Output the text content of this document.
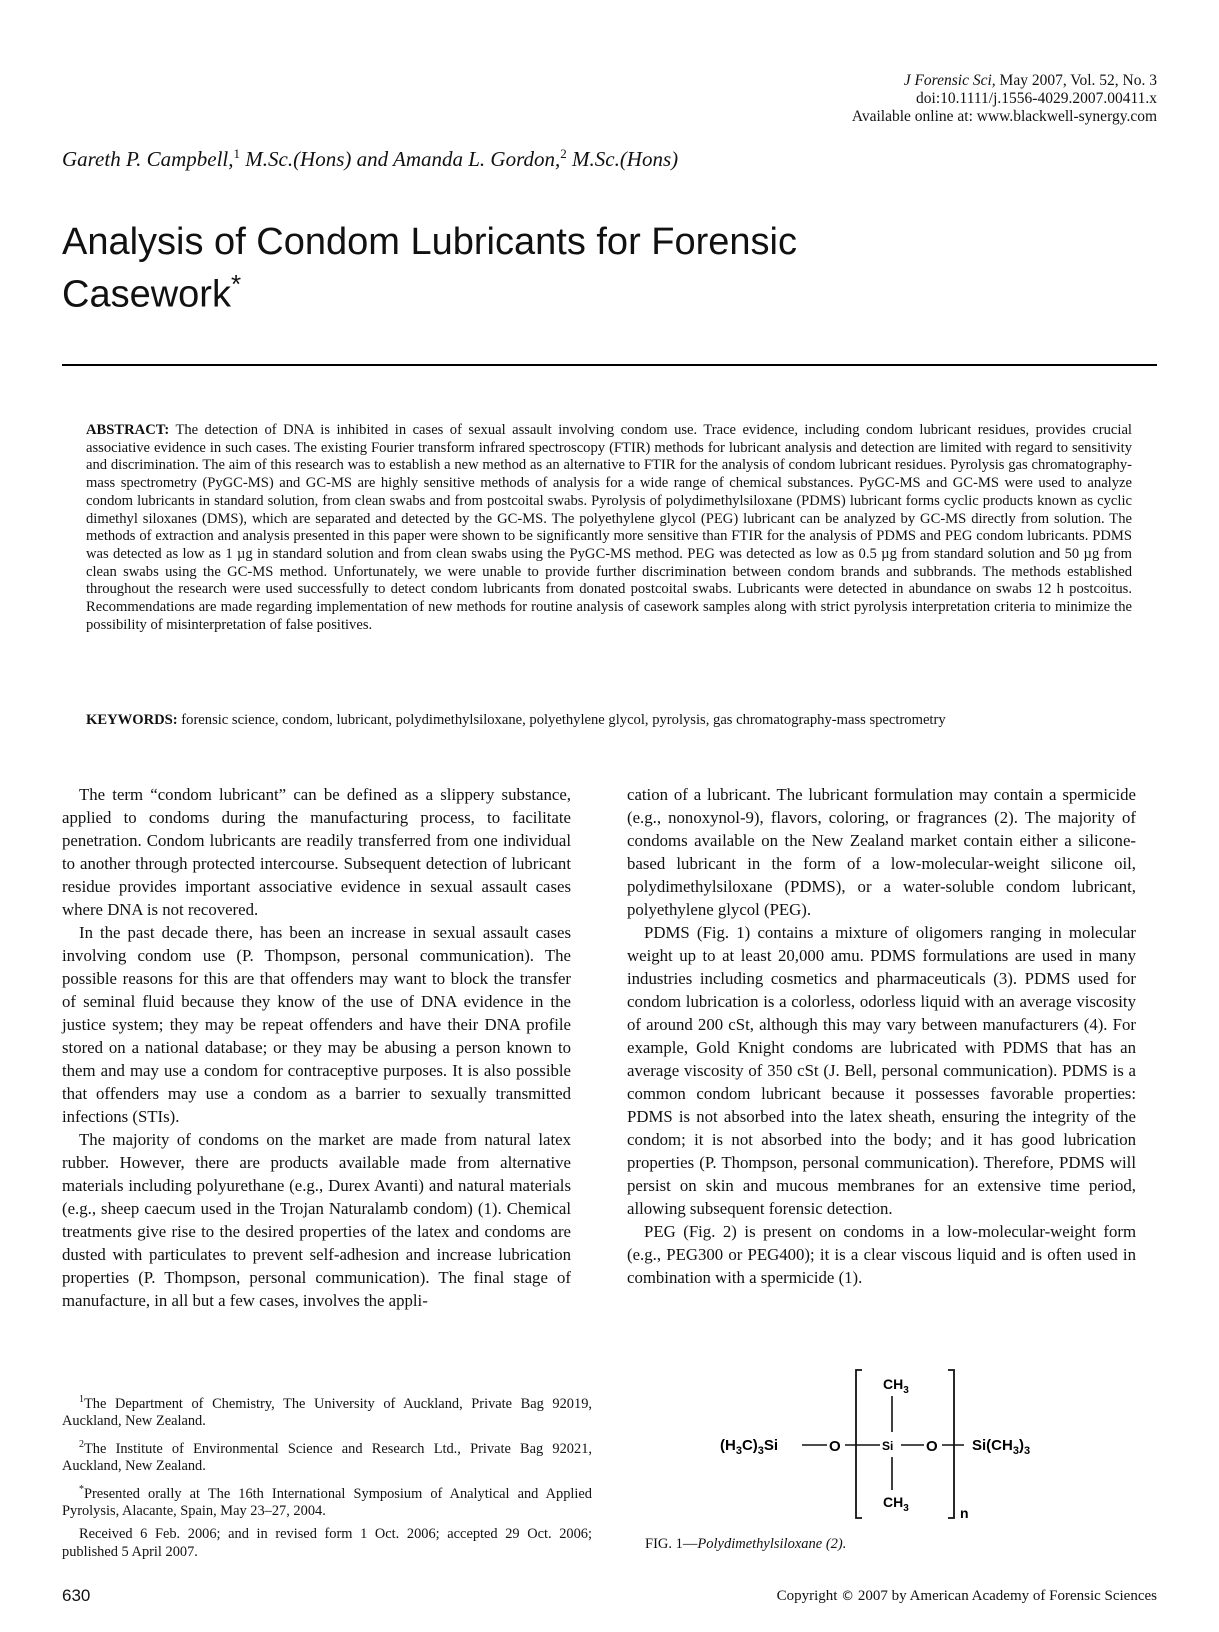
J Forensic Sci, May 2007, Vol. 52, No. 3
doi:10.1111/j.1556-4029.2007.00411.x
Available online at: www.blackwell-synergy.com
Gareth P. Campbell,$^1$ M.Sc.(Hons) and Amanda L. Gordon,$^2$ M.Sc.(Hons)
Analysis of Condom Lubricants for Forensic Casework*
ABSTRACT: The detection of DNA is inhibited in cases of sexual assault involving condom use. Trace evidence, including condom lubricant residues, provides crucial associative evidence in such cases. The existing Fourier transform infrared spectroscopy (FTIR) methods for lubricant analysis and detection are limited with regard to sensitivity and discrimination. The aim of this research was to establish a new method as an alternative to FTIR for the analysis of condom lubricant residues. Pyrolysis gas chromatography-mass spectrometry (PyGC-MS) and GC-MS are highly sensitive methods of analysis for a wide range of chemical substances. PyGC-MS and GC-MS were used to analyze condom lubricants in standard solution, from clean swabs and from postcoital swabs. Pyrolysis of polydimethylsiloxane (PDMS) lubricant forms cyclic products known as cyclic dimethyl siloxanes (DMS), which are separated and detected by the GC-MS. The polyethylene glycol (PEG) lubricant can be analyzed by GC-MS directly from solution. The methods of extraction and analysis presented in this paper were shown to be significantly more sensitive than FTIR for the analysis of PDMS and PEG condom lubricants. PDMS was detected as low as 1 µg in standard solution and from clean swabs using the PyGC-MS method. PEG was detected as low as 0.5 µg from standard solution and 50 µg from clean swabs using the GC-MS method. Unfortunately, we were unable to provide further discrimination between condom brands and subbrands. The methods established throughout the research were used successfully to detect condom lubricants from donated postcoital swabs. Lubricants were detected in abundance on swabs 12 h postcoitus. Recommendations are made regarding implementation of new methods for routine analysis of casework samples along with strict pyrolysis interpretation criteria to minimize the possibility of misinterpretation of false positives.
KEYWORDS: forensic science, condom, lubricant, polydimethylsiloxane, polyethylene glycol, pyrolysis, gas chromatography-mass spectrometry

The term “condom lubricant” can be defined as a slippery substance, applied to condoms during the manufacturing process, to facilitate penetration. Condom lubricants are readily transferred from one individual to another through protected intercourse. Subsequent detection of lubricant residue provides important associative evidence in sexual assault cases where DNA is not recovered.

In the past decade there, has been an increase in sexual assault cases involving condom use (P. Thompson, personal communication). The possible reasons for this are that offenders may want to block the transfer of seminal fluid because they know of the use of DNA evidence in the justice system; they may be repeat offenders and have their DNA profile stored on a national database; or they may be abusing a person known to them and may use a condom for contraceptive purposes. It is also possible that offenders may use a condom as a barrier to sexually transmitted infections (STIs).

The majority of condoms on the market are made from natural latex rubber. However, there are products available made from alternative materials including polyurethane (e.g., Durex Avanti) and natural materials (e.g., sheep caecum used in the Trojan Naturalamb condom) (1). Chemical treatments give rise to the desired properties of the latex and condoms are dusted with particulates to prevent self-adhesion and increase lubrication properties (P. Thompson, personal communication). The final stage of manufacture, in all but a few cases, involves the appli-

cation of a lubricant. The lubricant formulation may contain a spermicide (e.g., nonoxynol-9), flavors, coloring, or fragrances (2). The majority of condoms available on the New Zealand market contain either a silicone-based lubricant in the form of a low-molecular-weight silicone oil, polydimethylsiloxane (PDMS), or a water-soluble condom lubricant, polyethylene glycol (PEG).

PDMS (Fig. 1) contains a mixture of oligomers ranging in molecular weight up to at least 20,000 amu. PDMS formulations are used in many industries including cosmetics and pharmaceuticals (3). PDMS used for condom lubrication is a colorless, odorless liquid with an average viscosity of around 200 cSt, although this may vary between manufacturers (4). For example, Gold Knight condoms are lubricated with PDMS that has an average viscosity of 350 cSt (J. Bell, personal communication). PDMS is a common condom lubricant because it possesses favorable properties: PDMS is not absorbed into the latex sheath, ensuring the integrity of the condom; it is not absorbed into the body; and it has good lubrication properties (P. Thompson, personal communication). Therefore, PDMS will persist on skin and mucous membranes for an extensive time period, allowing subsequent forensic detection.

PEG (Fig. 2) is present on condoms in a low-molecular-weight form (e.g., PEG300 or PEG400); it is a clear viscous liquid and is often used in combination with a spermicide (1).

$^1$The Department of Chemistry, The University of Auckland, Private Bag 92019, Auckland, New Zealand.

$^2$The Institute of Environmental Science and Research Ltd., Private Bag 92021, Auckland, New Zealand.

*Presented orally at The 16th International Symposium of Analytical and Applied Pyrolysis, Alacante, Spain, May 23–27, 2004.

Received 6 Feb. 2006; and in revised form 1 Oct. 2006; accepted 29 Oct. 2006; published 5 April 2007.

$(H_3C)_3Si$	O
$CH_3$
Si O
$CH_3$	n
$Si(CH_3)_3$
FIG. 1—Polydimethylsiloxane (2).
630	Copyright © 2007 by American Academy of Forensic Sciences
